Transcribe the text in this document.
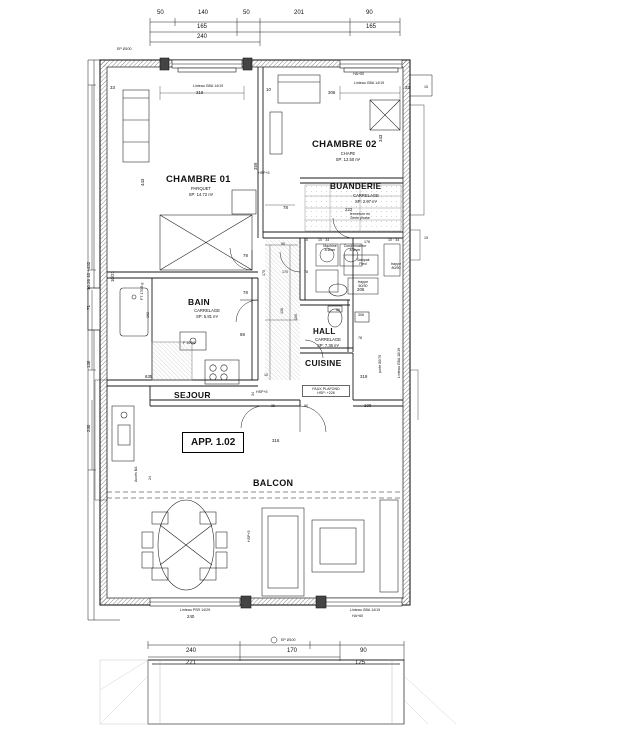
50	140	50	201	90
165	165
240
EP Ø100
Linteau GBA 14/19
319
HA+50
Linteau GBA 14/19
306
10
33	33	15
CHAMBRE 01
PARQUET
SP: 14.72 m²
443
359
HSP+5
CHAMBRE 02
CHAPE
SP: 12.50 m²
343
BUANDERIE
CARRELAGE
SP: 2.97 m²
222
fermeture en
2ème phase
78
176
Machine
à laver
Condensateur
à laver
Sanipak
Flexi
trappe
60/30
trappe
80/50
206
10	10 · 34	10 · 34	15
BAIN
CARRELAGE
SP: 5.81 m²
192
F 107/6
FT 170/8 g
88
78
78
170	170
90
78
HALL
CARRELAGE
SP: 7.36 m²
306
78
56
430
100
CUISINE
FAUX PLAFOND
HSP: +226
319
100
porte 80/70	Linteau GBA 18/19
90
35
HSP+5
34
316
10
SEJOUR
635
APP. 1.02
BALCON
HSP+5
Accès BA	24
Linteau PSR 14/29
240
Linteau GBA 14/19
HA+60
240	170	90
221	125
EP Ø100
10.26 10 +432
71
130
230
10/21
